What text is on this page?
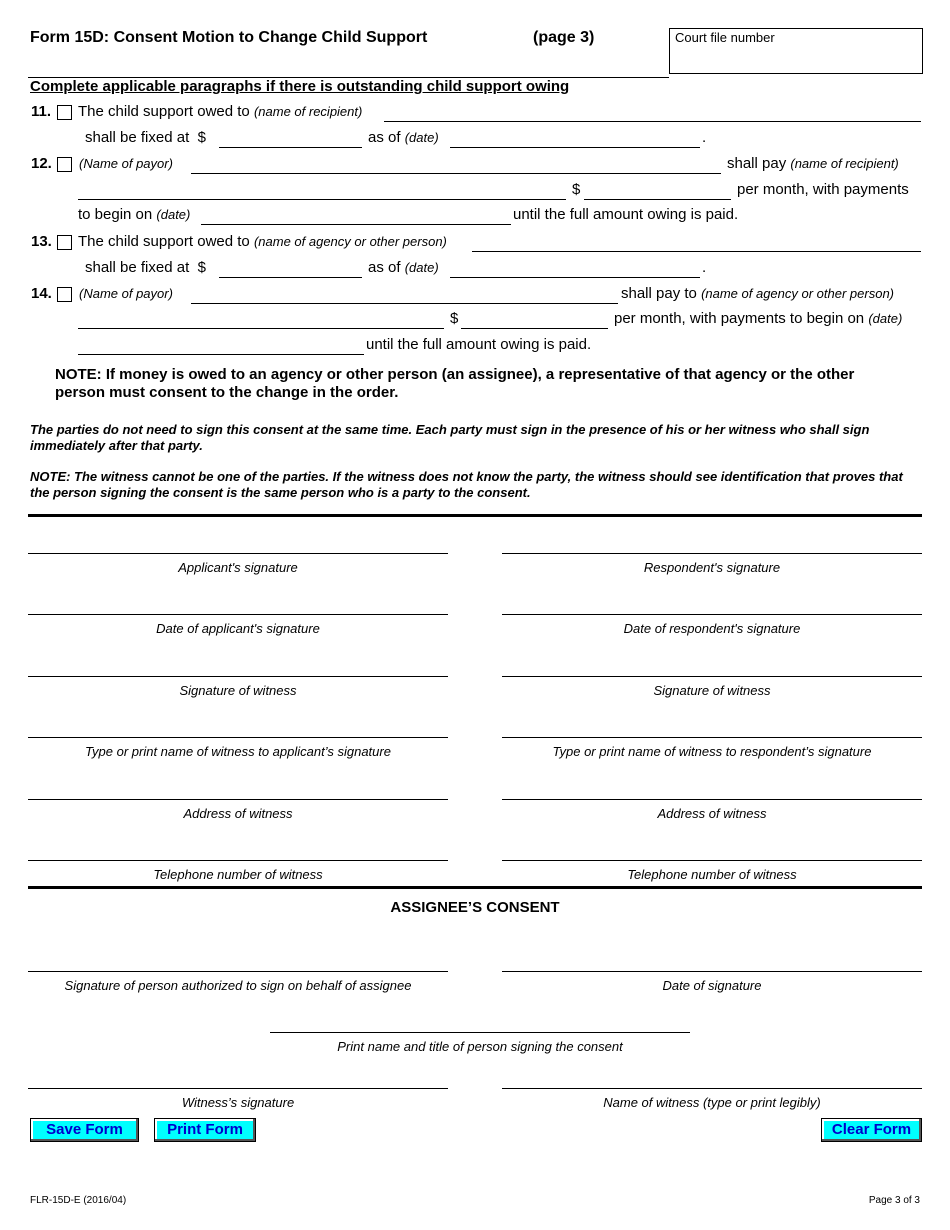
Form 15D: Consent Motion to Change Child Support	(page 3)	Court file number
Complete applicable paragraphs if there is outstanding child support owing
11. The child support owed to (name of recipient)
shall be fixed at $	as of (date)	.
12. (Name of payor)	shall pay (name of recipient)
$	per month, with payments
to begin on (date)	until the full amount owing is paid.
13. The child support owed to (name of agency or other person)
shall be fixed at $	as of (date)	.
14. (Name of payor)	shall pay to (name of agency or other person)
$	per month, with payments to begin on (date)
until the full amount owing is paid.
NOTE: If money is owed to an agency or other person (an assignee), a representative of that agency or the other person must consent to the change in the order.
The parties do not need to sign this consent at the same time. Each party must sign in the presence of his or her witness who shall sign immediately after that party.
NOTE: The witness cannot be one of the parties. If the witness does not know the party, the witness should see identification that proves that the person signing the consent is the same person who is a party to the consent.
Applicant's signature
Date of applicant's signature
Signature of witness
Type or print name of witness to applicant’s signature
Address of witness
Telephone number of witness
Respondent's signature
Date of respondent's signature
Signature of witness
Type or print name of witness to respondent’s signature
Address of witness
Telephone number of witness
ASSIGNEE’S CONSENT
Signature of person authorized to sign on behalf of assignee	Date of signature
Print name and title of person signing the consent
Witness’s signature	Name of witness (type or print legibly)
Save Form	Print Form	Clear Form
FLR-15D-E (2016/04)	Page 3 of 3
